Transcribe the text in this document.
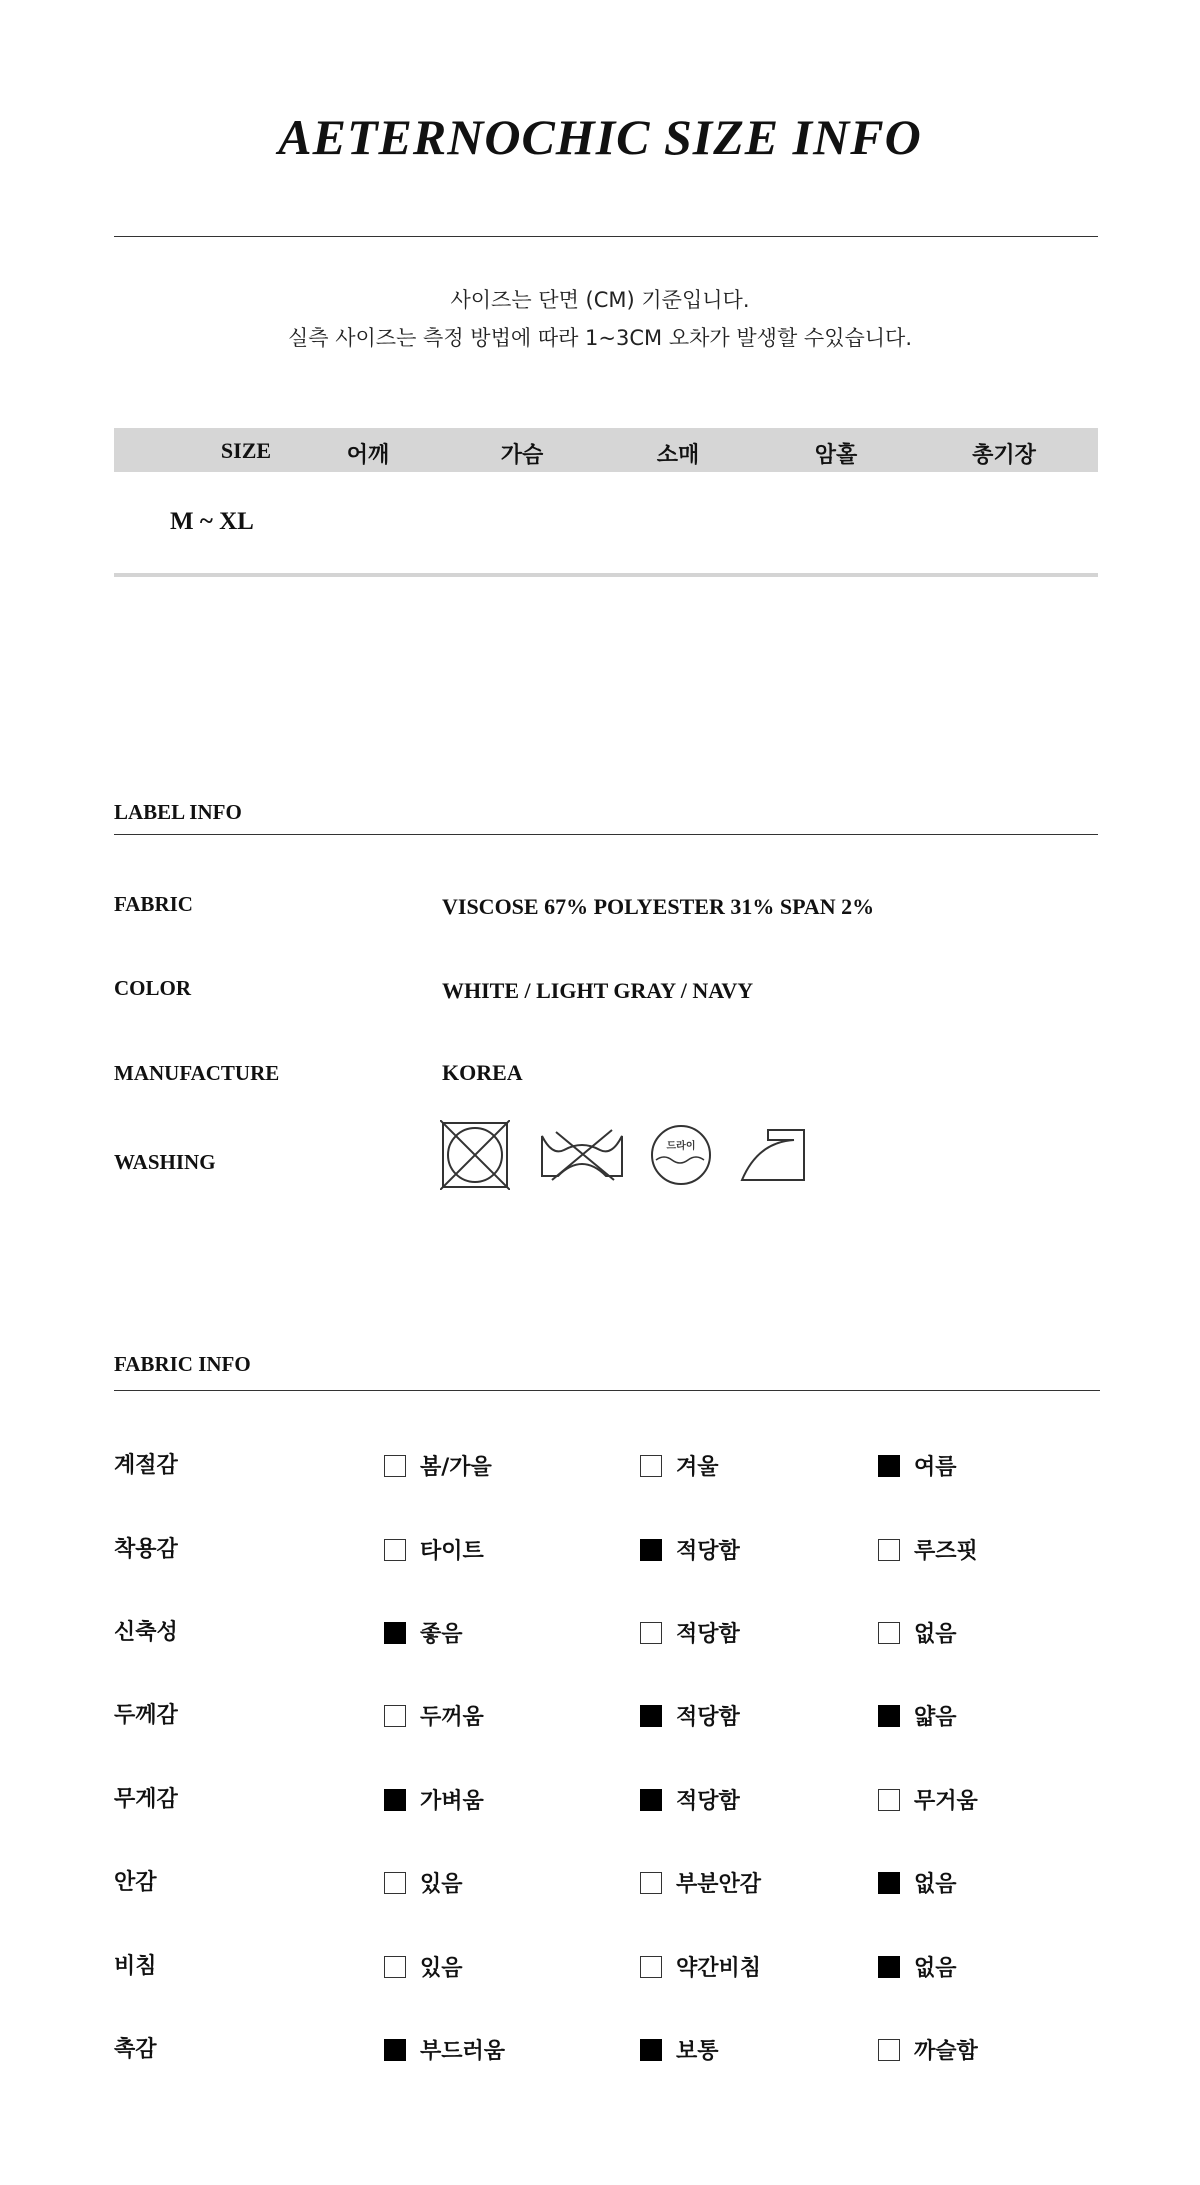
AETERNOCHIC SIZE INFO
사이즈는 단면 (CM) 기준입니다.
실측 사이즈는 측정 방법에 따라 1~3CM 오차가 발생할 수있습니다.
SIZE	어깨	가슴	소매	암홀	총기장
M ~ XL
LABEL INFO
FABRIC	VISCOSE 67% POLYESTER 31% SPAN 2%
COLOR	WHITE / LIGHT GRAY / NAVY
MANUFACTURE	KOREA
WASHING
드라이
FABRIC INFO
계절감	봄/가을	겨울	여름
착용감	타이트	적당함	루즈핏
신축성	좋음	적당함	없음
두께감	두꺼움	적당함	얇음
무게감	가벼움	적당함	무거움
안감	있음	부분안감	없음
비침	있음	약간비침	없음
촉감	부드러움	보통	까슬함
